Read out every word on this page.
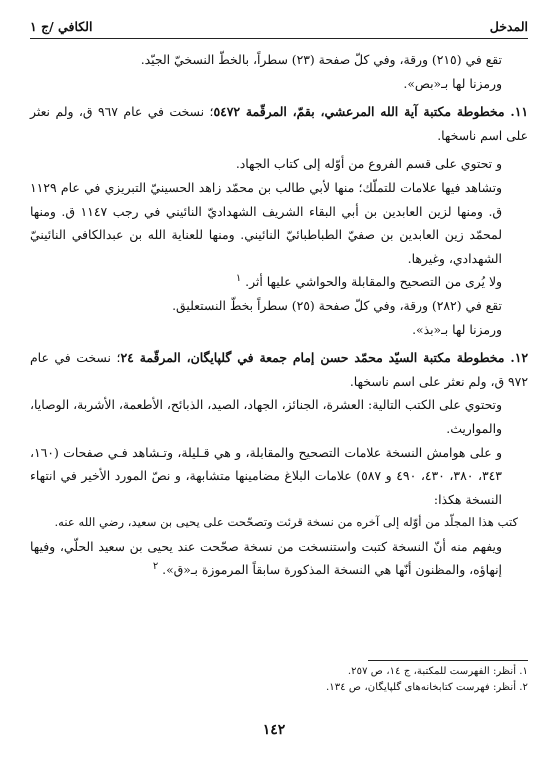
المدخل
الكافي /ج ١

تقع في (٢١٥) ورقة، وفي كلّ صفحة (٢٣) سطراً، بالخطّ النسخيّ الجيّد.

ورمزنا لها بـ«بص».

١١. مخطوطة مكتبة آية الله المرعشي‏، بقمّ، المرقّمة ٥٤٧٢؛ نسخت في عام ٩٦٧ ق، ولم نعثر على اسم ناسخها.

و تحتوي على قسم الفروع من أوّله إلى كتاب الجهاد.

وتشاهد فيها علامات للتملّك؛ منها لأبي طالب بن محمّد زاهد الحسينيّ التبريزي في عام ١١٢٩ ق. ومنها لزين العابدين بن أبي البقاء الشريف الشهداديّ النائيني في رجب ١١٤٧ ق. ومنها لمحمّد زين العابدين بن صفيّ الطباطبائيّ النائيني. ومنها للعناية الله بن عبدالكافي النائينيّ الشهدادي، وغيرها.

ولا يُرى من التصحيح والمقابلة والحواشي عليها أثر. $^١$

تقع في (٢٨٢) ورقة، وفي كلّ صفحة (٢٥) سطراً بخطّ النستعليق.

ورمزنا لها بـ«بذ».

١٢. مخطوطة مكتبة السيّد محمّد حسن إمام جمعة في گلپايگان، المرقّمة ٢٤؛ نسخت في عام ٩٧٢ ق، ولم نعثر على اسم ناسخها.

وتحتوي على الكتب التالية: العشرة، الجنائز، الجهاد، الصيد، الذبائح، الأطعمة، الأشربة، الوصايا، والمواريث.

و على هوامش النسخة علامات التصحيح والمقابلة، و هي قـليلة، وتـشاهد فـي صفحات (١٦٠، ٣٤٣، ٣٨٠، ٤٣٠، ٤٩٠ و ٥٨٧) علامات البلاغ مضامينها متشابهة، و نصّ المورد الأخير في انتهاء النسخة هكذا:

كتب هذا المجلّد من أوّله إلى آخره من نسخة قرئت وتصحّحت على يحيى بن سعيد، رضي الله عنه.

ويفهم منه أنّ النسخة كتبت واستنسخت من نسخة صحّحت عند يحيى بن سعيد الحلّي، وفيها إنهاؤه‏، والمظنون أنّها هي النسخة المذكورة سابقاً المرموزة بـ«ق». $^٢$

١. أنظر: الفهرست للمكتبة، ج ١٤، ص ٢٥٧.

٢. أنظر: فهرست كتابخانه‌هاى گلپايگان، ص ١٣٤.

١٤٢
